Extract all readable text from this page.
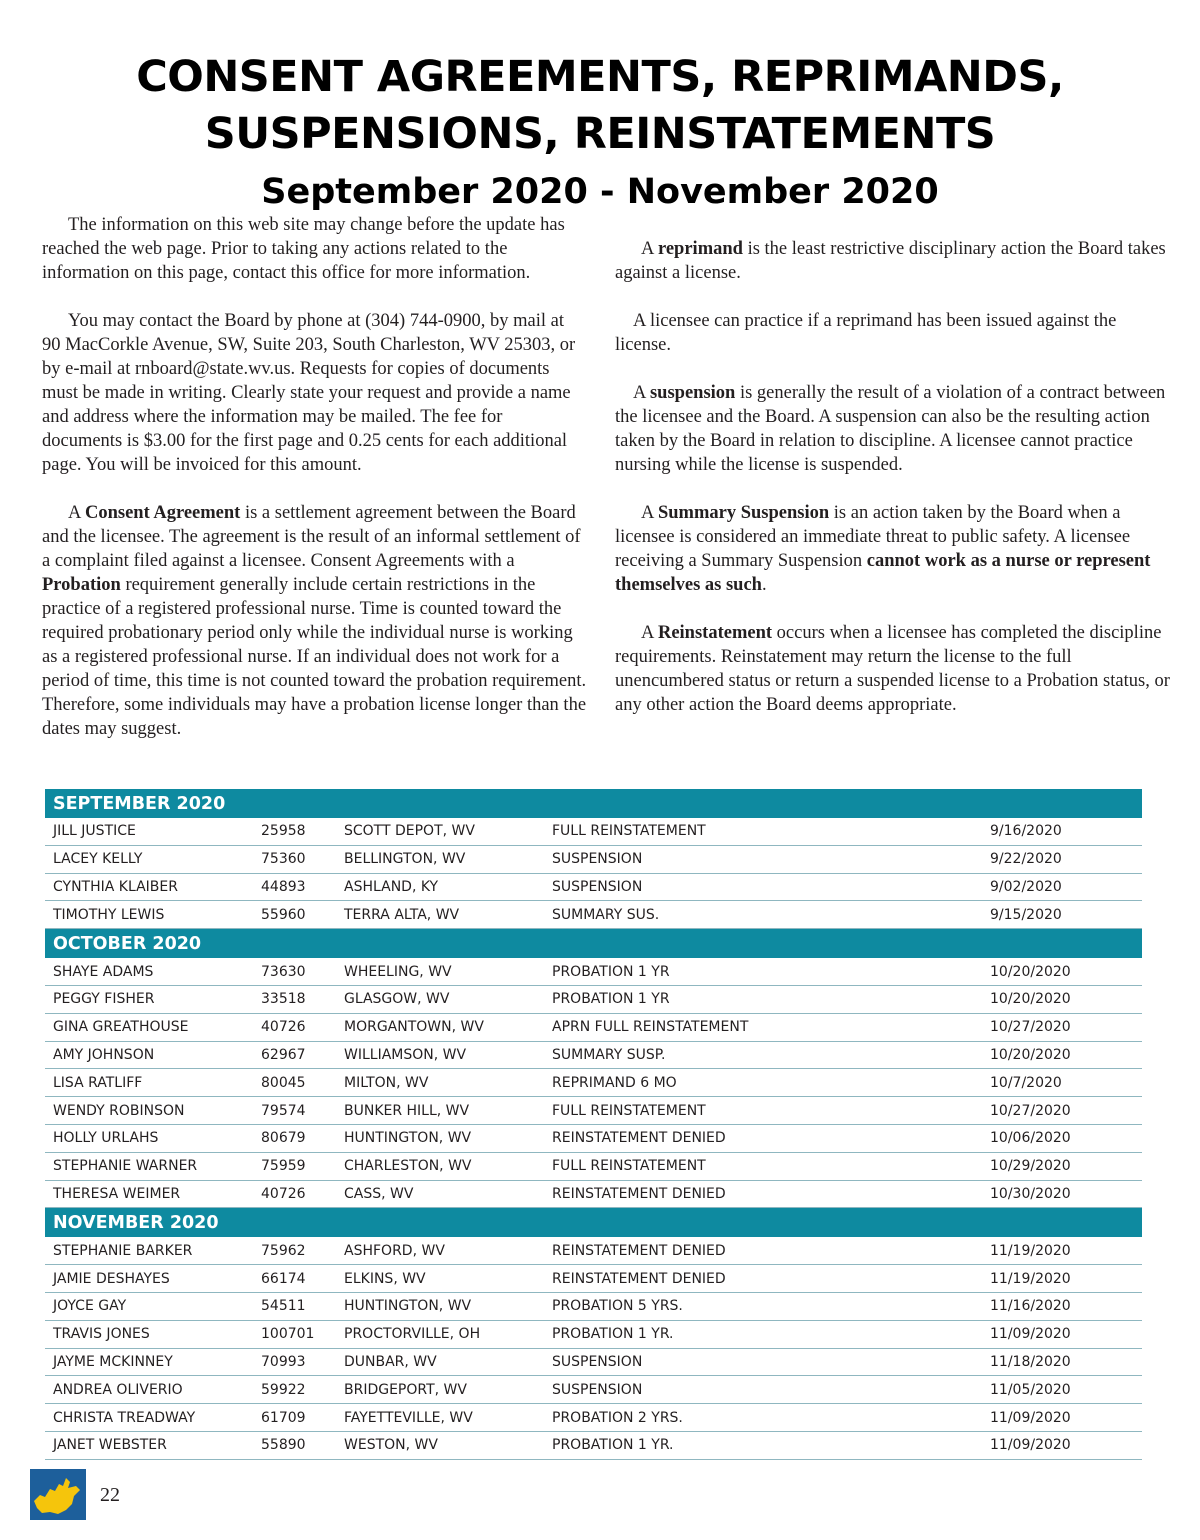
CONSENT AGREEMENTS, REPRIMANDS,
SUSPENSIONS, REINSTATEMENTS
September 2020 - November 2020

The information on this web site may change before the update has reached the web page. Prior to taking any actions related to the information on this page, contact this office for more information.

You may contact the Board by phone at (304) 744-0900, by mail at 90 MacCorkle Avenue, SW, Suite 203, South Charleston, WV 25303, or by e-mail at rnboard@state.wv.us. Requests for copies of documents must be made in writing. Clearly state your request and provide a name and address where the information may be mailed. The fee for documents is $3.00 for the first page and 0.25 cents for each additional page. You will be invoiced for this amount.

A Consent Agreement is a settlement agreement between the Board and the licensee. The agreement is the result of an informal settlement of a complaint filed against a licensee. Consent Agreements with a Probation requirement generally include certain restrictions in the practice of a registered professional nurse. Time is counted toward the required probationary period only while the individual nurse is working as a registered professional nurse. If an individual does not work for a period of time, this time is not counted toward the probation requirement. Therefore, some individuals may have a probation license longer than the dates may suggest.

A reprimand is the least restrictive disciplinary action the Board takes against a license.

A licensee can practice if a reprimand has been issued against the license.

A suspension is generally the result of a violation of a contract between the licensee and the Board. A suspension can also be the resulting action taken by the Board in relation to discipline. A licensee cannot practice nursing while the license is suspended.

A Summary Suspension is an action taken by the Board when a licensee is considered an immediate threat to public safety. A licensee receiving a Summary Suspension cannot work as a nurse or represent themselves as such.

A Reinstatement occurs when a licensee has completed the discipline requirements. Reinstatement may return the license to the full unencumbered status or return a suspended license to a Probation status, or any other action the Board deems appropriate.

SEPTEMBER 2020				
JILL JUSTICE	25958	SCOTT DEPOT, WV	FULL REINSTATEMENT	9/16/2020
LACEY KELLY	75360	BELLINGTON, WV	SUSPENSION	9/22/2020
CYNTHIA KLAIBER	44893	ASHLAND, KY	SUSPENSION	9/02/2020
TIMOTHY LEWIS	55960	TERRA ALTA, WV	SUMMARY SUS.	9/15/2020
OCTOBER 2020				
SHAYE ADAMS	73630	WHEELING, WV	PROBATION 1 YR	10/20/2020
PEGGY FISHER	33518	GLASGOW, WV	PROBATION 1 YR	10/20/2020
GINA GREATHOUSE	40726	MORGANTOWN, WV	APRN FULL REINSTATEMENT	10/27/2020
AMY JOHNSON	62967	WILLIAMSON, WV	SUMMARY SUSP.	10/20/2020
LISA RATLIFF	80045	MILTON, WV	REPRIMAND 6 MO	10/7/2020
WENDY ROBINSON	79574	BUNKER HILL, WV	FULL REINSTATEMENT	10/27/2020
HOLLY URLAHS	80679	HUNTINGTON, WV	REINSTATEMENT DENIED	10/06/2020
STEPHANIE WARNER	75959	CHARLESTON, WV	FULL REINSTATEMENT	10/29/2020
THERESA WEIMER	40726	CASS, WV	REINSTATEMENT DENIED	10/30/2020
NOVEMBER 2020				
STEPHANIE BARKER	75962	ASHFORD, WV	REINSTATEMENT DENIED	11/19/2020
JAMIE DESHAYES	66174	ELKINS, WV	REINSTATEMENT DENIED	11/19/2020
JOYCE GAY	54511	HUNTINGTON, WV	PROBATION 5 YRS.	11/16/2020
TRAVIS JONES	100701	PROCTORVILLE, OH	PROBATION 1 YR.	11/09/2020
JAYME MCKINNEY	70993	DUNBAR, WV	SUSPENSION	11/18/2020
ANDREA OLIVERIO	59922	BRIDGEPORT, WV	SUSPENSION	11/05/2020
CHRISTA TREADWAY	61709	FAYETTEVILLE, WV	PROBATION 2 YRS.	11/09/2020
JANET WEBSTER	55890	WESTON, WV	PROBATION 1 YR.	11/09/2020
22
